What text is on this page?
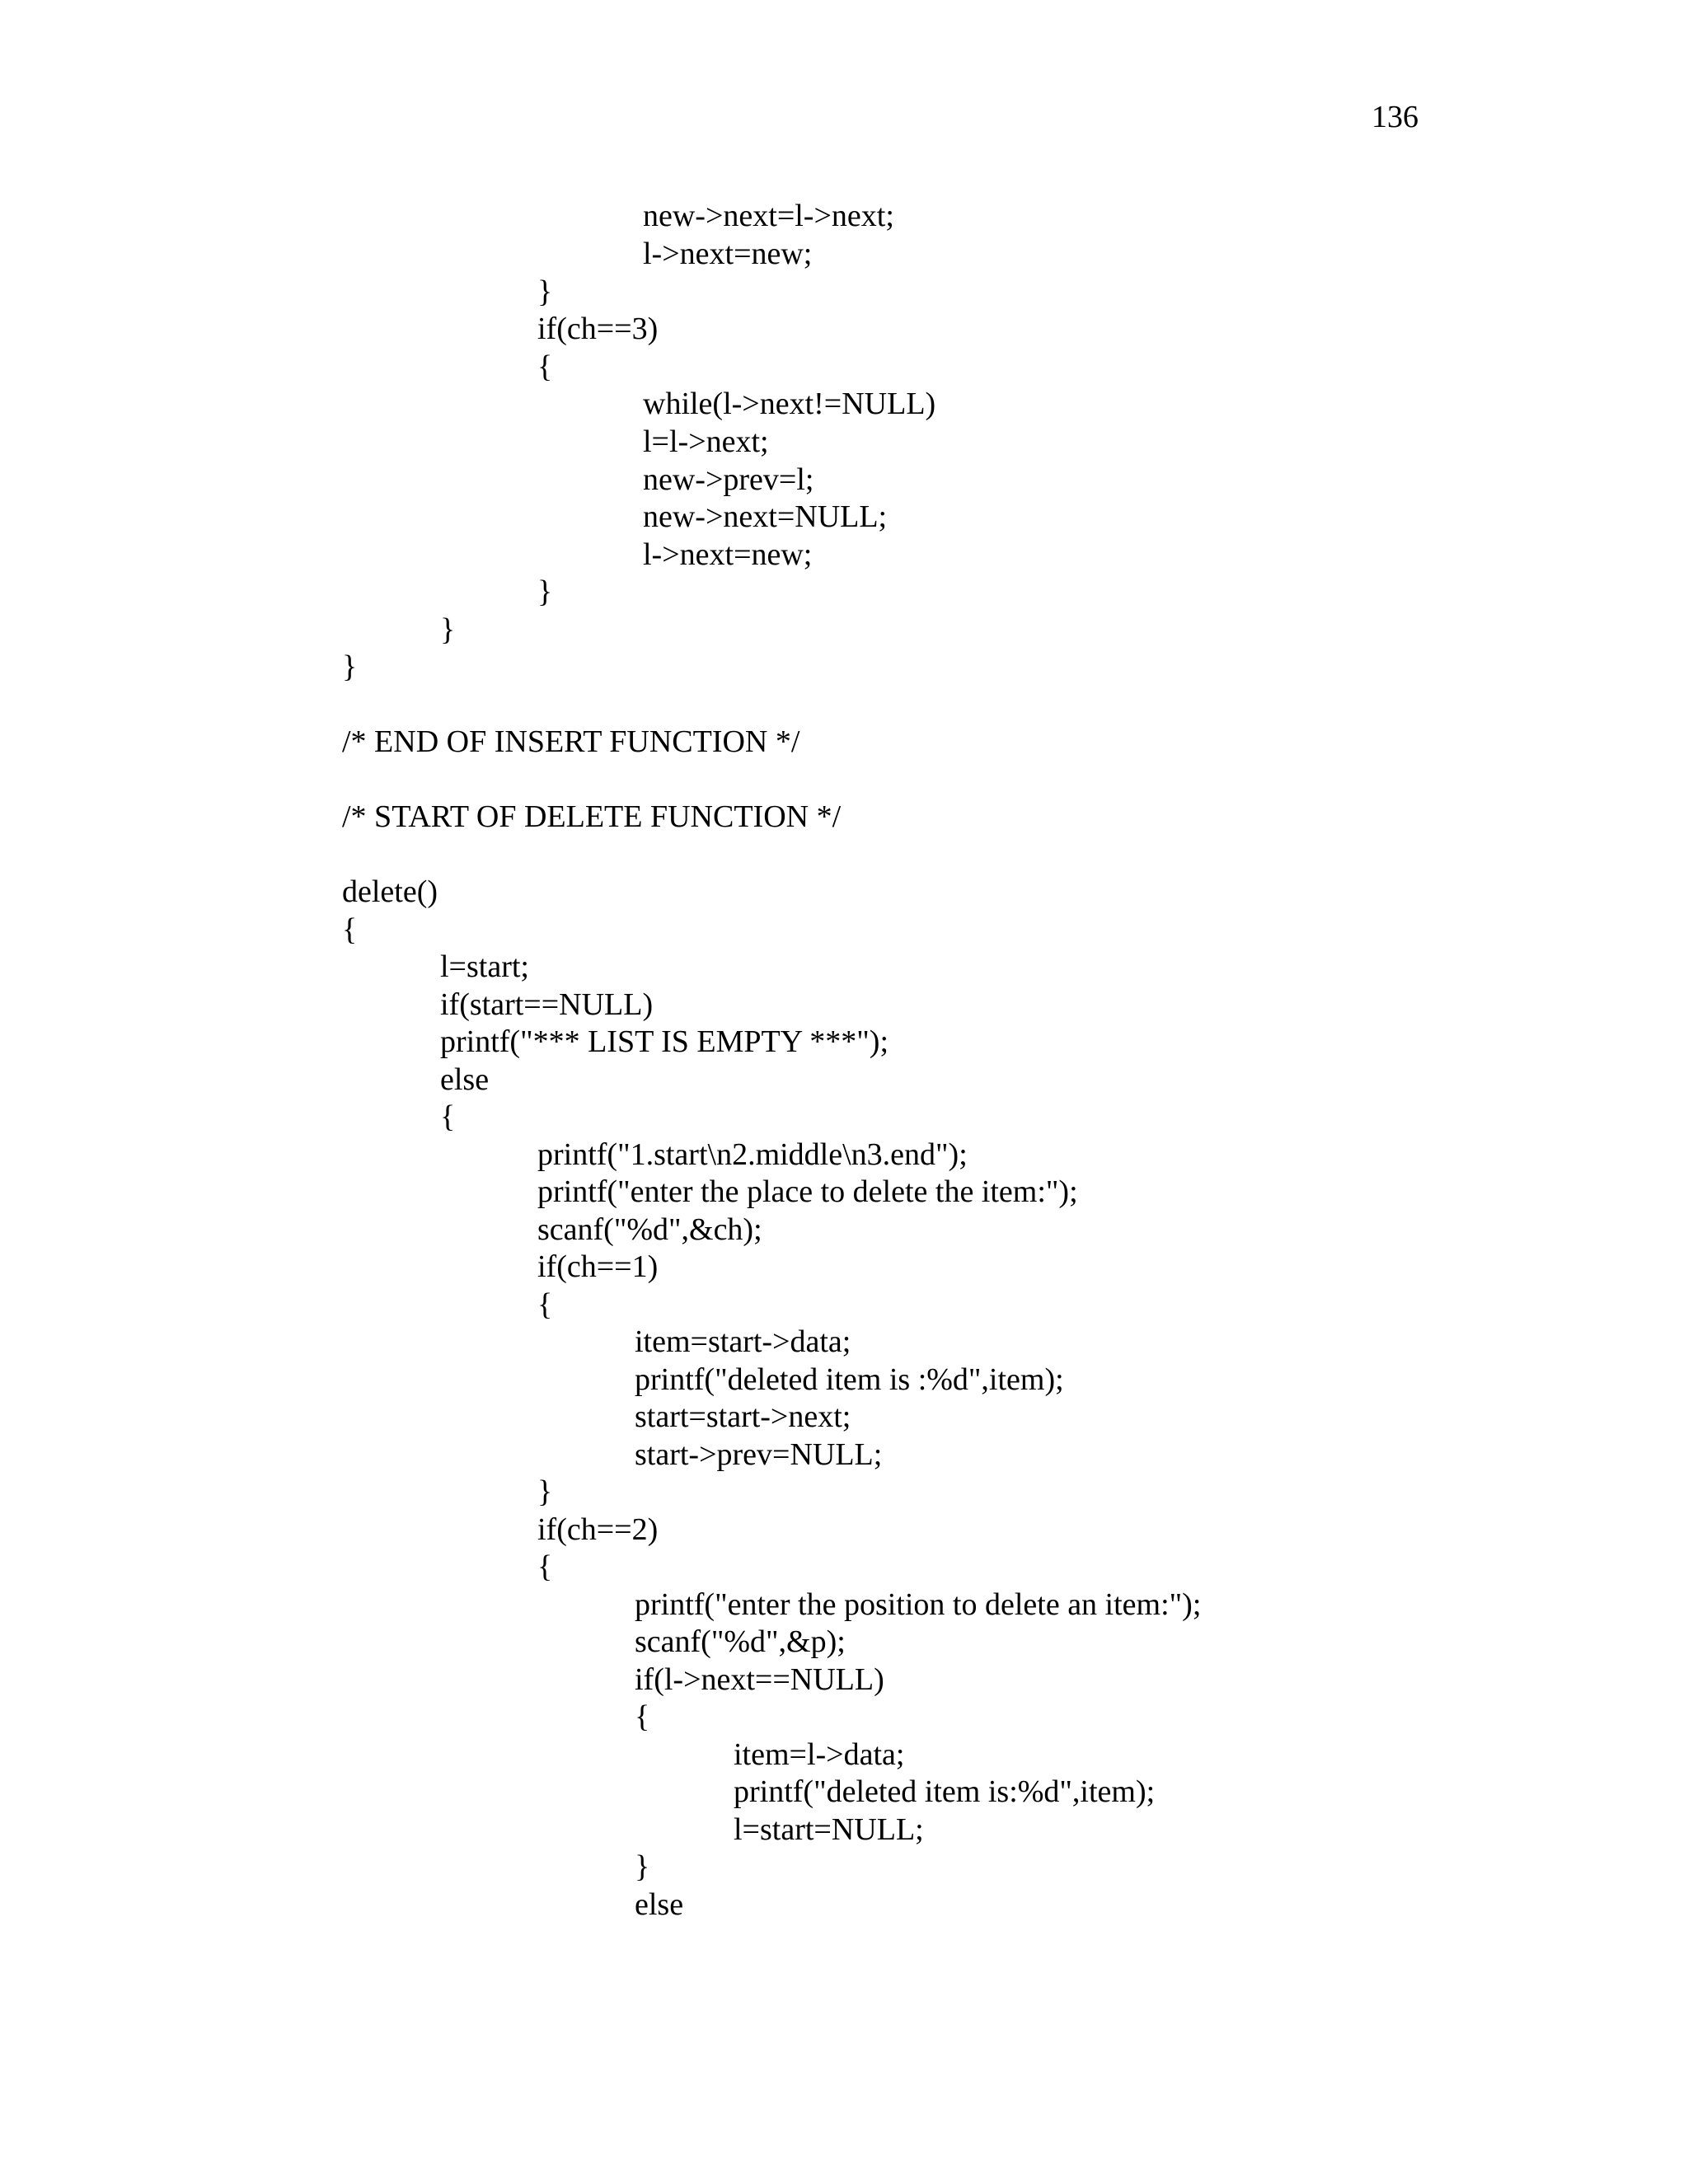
136
new->next=l->next;
l->next=new;
}
if(ch==3)
{
while(l->next!=NULL)
l=l->next;
new->prev=l;
new->next=NULL;
l->next=new;
}
}
}
/* END OF INSERT FUNCTION */
/* START OF DELETE FUNCTION */
delete()
{
l=start;
if(start==NULL)
printf("*** LIST IS EMPTY ***");
else
{
printf("1.start\n2.middle\n3.end");
printf("enter the place to delete the item:");
scanf("%d",&ch);
if(ch==1)
{
item=start->data;
printf("deleted item is :%d",item);
start=start->next;
start->prev=NULL;
}
if(ch==2)
{
printf("enter the position to delete an item:");
scanf("%d",&p);
if(l->next==NULL)
{
item=l->data;
printf("deleted item is:%d",item);
l=start=NULL;
}
else
